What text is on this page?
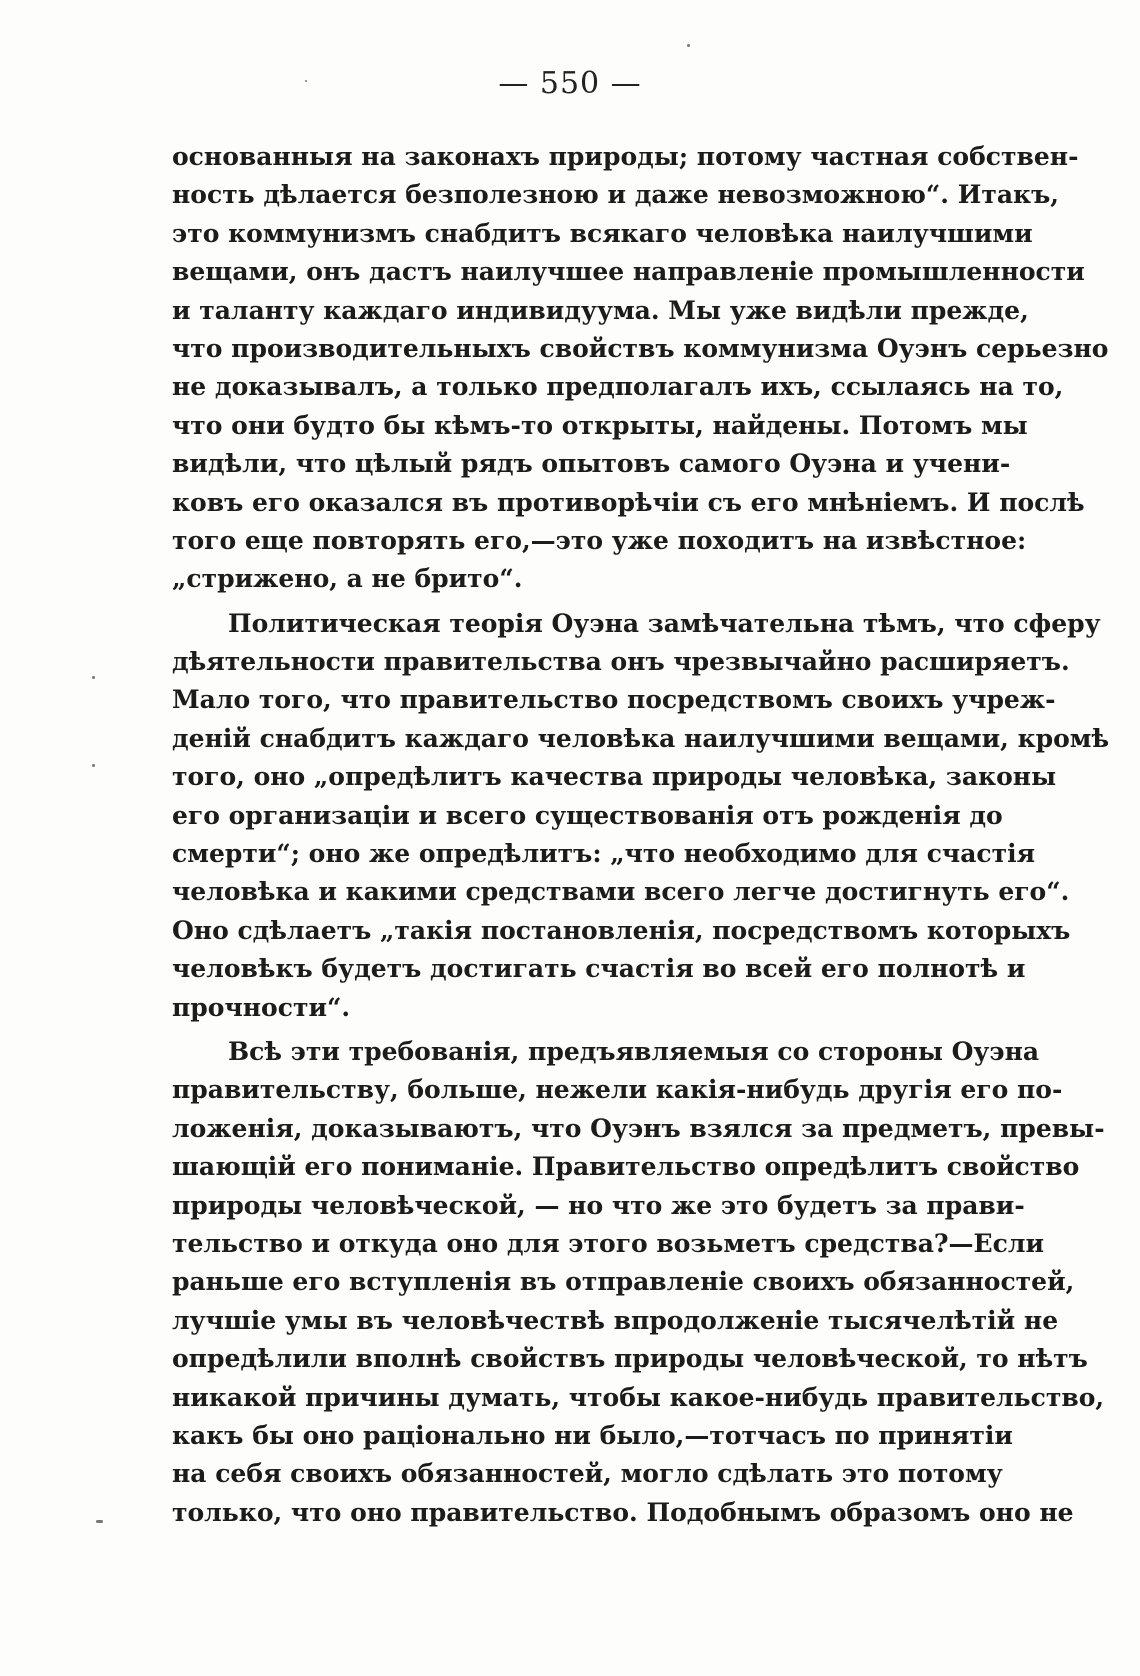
— 550 —
основанныя на законахъ природы; потому частная собствен-
ность дѣлается безполезною и даже невозможною“. Итакъ,
это коммунизмъ снабдитъ всякаго человѣка наилучшими
вещами, онъ дастъ наилучшее направленіе промышленности
и таланту каждаго индивидуума. Мы уже видѣли прежде,
что производительныхъ свойствъ коммунизма Оуэнъ серьезно
не доказывалъ, а только предполагалъ ихъ, ссылаясь на то,
что они будто бы кѣмъ-то открыты, найдены. Потомъ мы
видѣли, что цѣлый рядъ опытовъ самого Оуэна и учени-
ковъ его оказался въ противорѣчіи съ его мнѣніемъ. И послѣ
того еще повторять его,—это уже походитъ на извѣстное:
„стрижено, а не брито“.
Политическая теорія Оуэна замѣчательна тѣмъ, что сферу
дѣятельности правительства онъ чрезвычайно расширяетъ.
Мало того, что правительство посредствомъ своихъ учреж-
деній снабдитъ каждаго человѣка наилучшими вещами, кромѣ
того, оно „опредѣлитъ качества природы человѣка, законы
его организаціи и всего существованія отъ рожденія до
смерти“; оно же опредѣлитъ: „что необходимо для счастія
человѣка и какими средствами всего легче достигнуть его“.
Оно сдѣлаетъ „такія постановленія, посредствомъ которыхъ
человѣкъ будетъ достигать счастія во всей его полнотѣ и
прочности“.
Всѣ эти требованія, предъявляемыя со стороны Оуэна
правительству, больше, нежели какія-нибудь другія его по-
ложенія, доказываютъ, что Оуэнъ взялся за предметъ, превы-
шающій его пониманіе. Правительство опредѣлитъ свойство
природы человѣческой, — но что же это будетъ за прави-
тельство и откуда оно для этого возьметъ средства?—Если
раньше его вступленія въ отправленіе своихъ обязанностей,
лучшіе умы въ человѣчествѣ впродолженіе тысячелѣтій не
опредѣлили вполнѣ свойствъ природы человѣческой, то нѣтъ
никакой причины думать, чтобы какое-нибудь правительство,
какъ бы оно раціонально ни было,—тотчасъ по принятіи
на себя своихъ обязанностей, могло сдѣлать это потому
только, что оно правительство. Подобнымъ образомъ оно не
